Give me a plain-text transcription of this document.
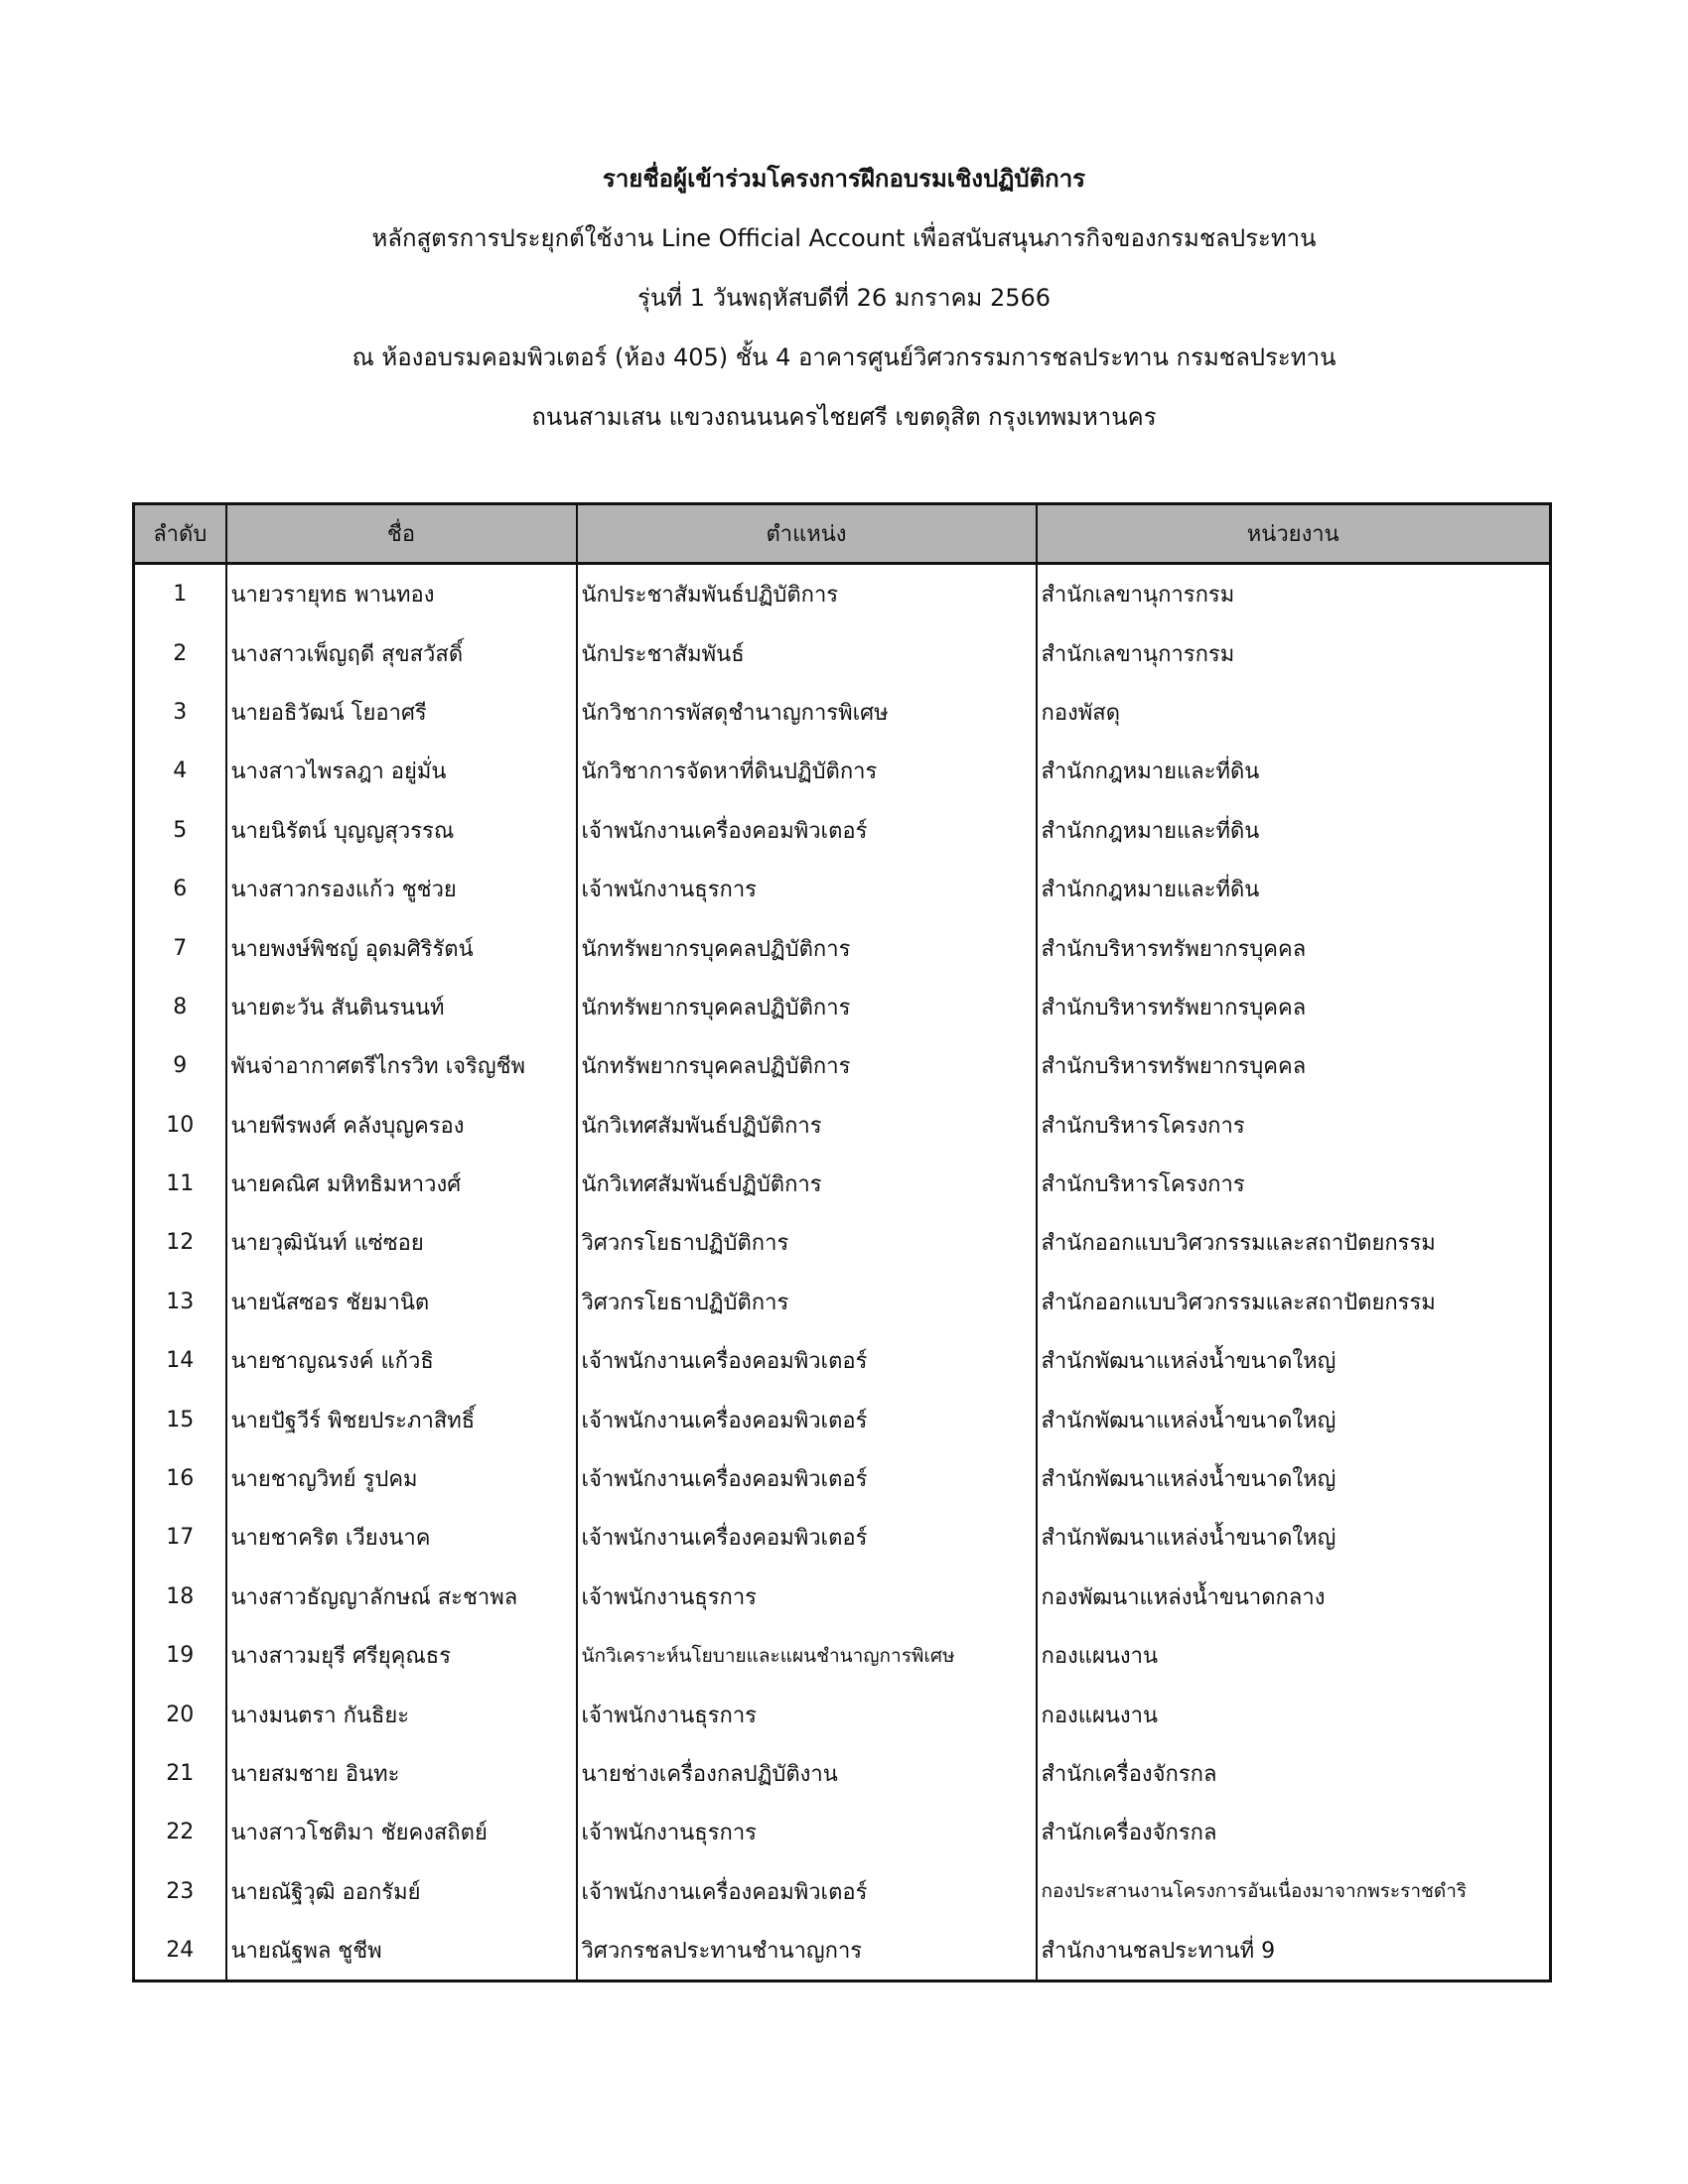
รายชื่อผู้เข้าร่วมโครงการฝึกอบรมเชิงปฏิบัติการ
หลักสูตรการประยุกต์ใช้งาน Line Official Account เพื่อสนับสนุนภารกิจของกรมชลประทาน
รุ่นที่ 1 วันพฤหัสบดีที่ 26 มกราคม 2566
ณ ห้องอบรมคอมพิวเตอร์ (ห้อง 405) ชั้น 4 อาคารศูนย์วิศวกรรมการชลประทาน กรมชลประทาน
ถนนสามเสน แขวงถนนนครไชยศรี เขตดุสิต กรุงเทพมหานคร
ลำดับ	ชื่อ	ตำแหน่ง	หน่วยงาน
1	นายวรายุทธ พานทอง	นักประชาสัมพันธ์ปฏิบัติการ	สำนักเลขานุการกรม
2	นางสาวเพ็ญฤดี สุขสวัสดิ์	นักประชาสัมพันธ์	สำนักเลขานุการกรม
3	นายอธิวัฒน์ โยอาศรี	นักวิชาการพัสดุชำนาญการพิเศษ	กองพัสดุ
4	นางสาวไพรลฎา อยู่มั่น	นักวิชาการจัดหาที่ดินปฏิบัติการ	สำนักกฎหมายและที่ดิน
5	นายนิรัตน์ บุญญสุวรรณ	เจ้าพนักงานเครื่องคอมพิวเตอร์	สำนักกฎหมายและที่ดิน
6	นางสาวกรองแก้ว ชูช่วย	เจ้าพนักงานธุรการ	สำนักกฎหมายและที่ดิน
7	นายพงษ์พิชญ์ อุดมศิริรัตน์	นักทรัพยากรบุคคลปฏิบัติการ	สำนักบริหารทรัพยากรบุคคล
8	นายตะวัน สันตินรนนท์	นักทรัพยากรบุคคลปฏิบัติการ	สำนักบริหารทรัพยากรบุคคล
9	พันจ่าอากาศตรีไกรวิท เจริญชีพ	นักทรัพยากรบุคคลปฏิบัติการ	สำนักบริหารทรัพยากรบุคคล
10	นายพีรพงศ์ คลังบุญครอง	นักวิเทศสัมพันธ์ปฏิบัติการ	สำนักบริหารโครงการ
11	นายคณิศ มหิทธิมหาวงศ์	นักวิเทศสัมพันธ์ปฏิบัติการ	สำนักบริหารโครงการ
12	นายวุฒินันท์ แซ่ซอย	วิศวกรโยธาปฏิบัติการ	สำนักออกแบบวิศวกรรมและสถาปัตยกรรม
13	นายนัสซอร ชัยมานิต	วิศวกรโยธาปฏิบัติการ	สำนักออกแบบวิศวกรรมและสถาปัตยกรรม
14	นายชาญณรงค์ แก้วธิ	เจ้าพนักงานเครื่องคอมพิวเตอร์	สำนักพัฒนาแหล่งน้ำขนาดใหญ่
15	นายปัฐวีร์ พิชยประภาสิทธิ์	เจ้าพนักงานเครื่องคอมพิวเตอร์	สำนักพัฒนาแหล่งน้ำขนาดใหญ่
16	นายชาญวิทย์ รูปคม	เจ้าพนักงานเครื่องคอมพิวเตอร์	สำนักพัฒนาแหล่งน้ำขนาดใหญ่
17	นายชาคริต เวียงนาค	เจ้าพนักงานเครื่องคอมพิวเตอร์	สำนักพัฒนาแหล่งน้ำขนาดใหญ่
18	นางสาวธัญญาลักษณ์ สะชาพล	เจ้าพนักงานธุรการ	กองพัฒนาแหล่งน้ำขนาดกลาง
19	นางสาวมยุรี ศรียุคุณธร	นักวิเคราะห์นโยบายและแผนชำนาญการพิเศษ	กองแผนงาน
20	นางมนตรา กันธิยะ	เจ้าพนักงานธุรการ	กองแผนงาน
21	นายสมชาย อินทะ	นายช่างเครื่องกลปฏิบัติงาน	สำนักเครื่องจักรกล
22	นางสาวโชติมา ชัยคงสถิตย์	เจ้าพนักงานธุรการ	สำนักเครื่องจักรกล
23	นายณัฐิวุฒิ ออกรัมย์	เจ้าพนักงานเครื่องคอมพิวเตอร์	กองประสานงานโครงการอันเนื่องมาจากพระราชดำริ
24	นายณัฐพล ชูชีพ	วิศวกรชลประทานชำนาญการ	สำนักงานชลประทานที่ 9
